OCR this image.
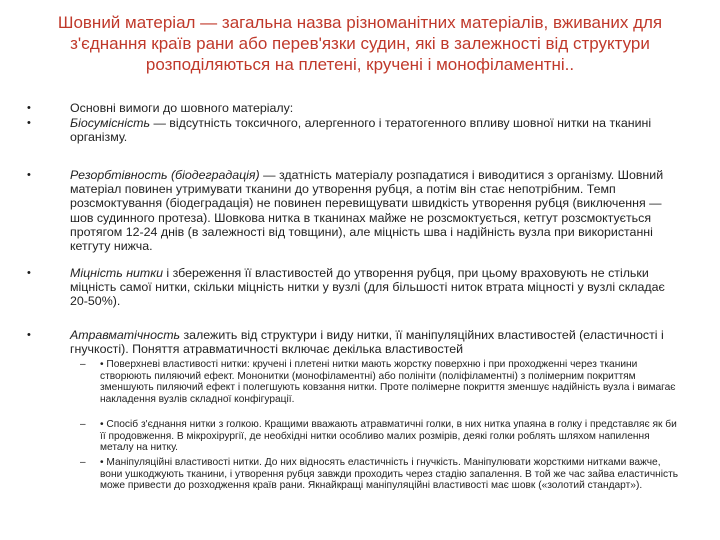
Шовний матеріал — загальна назва різноманітних матеріалів, вживаних для з'єднання країв рани або перев'язки судин, які в залежності від структури розподіляються на плетені, кручені і монофіламентні..
•	Основні вимоги до шовного матеріалу:
•	Біосумісність — відсутність токсичного, алергенного і тератогенного впливу шовної нитки на тканині організму.
•	Резорбтівность (біодеградація) — здатність матеріалу розпадатися і виводитися з організму. Шовний матеріал повинен утримувати тканини до утворення рубця, а потім він стає непотрібним. Темп розсмоктування (біодеградація) не повинен перевищувати швидкість утворення рубця (виключення — шов судинного протеза). Шовкова нитка в тканинах майже не розсмоктується, кетгут розсмоктується протягом 12-24 днів (в залежності від товщини), але міцність шва і надійність вузла при використанні кетгуту нижча.
•	Міцність нитки і збереження її властивостей до утворення рубця, при цьому враховують не стільки міцність самої нитки, скільки міцність нитки у вузлі (для більшості ниток втрата міцності у вузлі складає 20-50%).
•	Атравматічность залежить від структури і виду нитки, її маніпуляційних властивостей (еластичності і гнучкості). Поняття атравматичності включає декілька властивостей
– • Поверхневі властивості нитки: кручені і плетені нитки мають жорстку поверхню і при проходженні через тканини створюють пиляючий ефект. Мононитки (монофіламентні) або полініти (поліфіламентні) з полімерним покриттям зменшують пиляючий ефект і полегшують ковзання нитки. Проте полімерне покриття зменшує надійність вузла і вимагає накладення вузлів складної конфігурації.
– • Спосіб з'єднання нитки з голкою. Кращими вважають атравматичні голки, в них нитка упаяна в голку і представляє як би її продовження. В мікрохірургії, де необхідні нитки особливо малих розмірів, деякі голки роблять шляхом напилення металу на нитку.
– • Маніпуляційні властивості нитки. До них відносять еластичність і гнучкість. Маніпулювати жорсткими нитками важче, вони ушкоджують тканини, і утворення рубця завжди проходить через стадію запалення. В той же час зайва еластичність може привести до розходження країв рани. Якнайкращі маніпуляційні властивості має шовк («золотий стандарт»).
